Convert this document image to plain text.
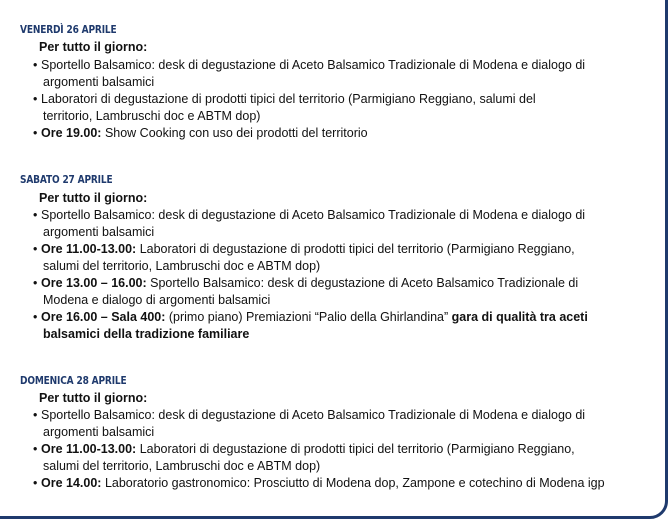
VENERDÌ 26 APRILE
Per tutto il giorno:
• Sportello Balsamico: desk di degustazione di Aceto Balsamico Tradizionale di Modena e dialogo di
argomenti balsamici
• Laboratori di degustazione di prodotti tipici del territorio (Parmigiano Reggiano, salumi del
territorio, Lambruschi doc e ABTM dop)
• Ore 19.00: Show Cooking con uso dei prodotti del territorio
SABATO 27 APRILE
Per tutto il giorno:
• Sportello Balsamico: desk di degustazione di Aceto Balsamico Tradizionale di Modena e dialogo di
argomenti balsamici
• Ore 11.00-13.00: Laboratori di degustazione di prodotti tipici del territorio (Parmigiano Reggiano,
salumi del territorio, Lambruschi doc e ABTM dop)
• Ore 13.00 – 16.00: Sportello Balsamico: desk di degustazione di Aceto Balsamico Tradizionale di
Modena e dialogo di argomenti balsamici
• Ore 16.00 – Sala 400: (primo piano) Premiazioni “Palio della Ghirlandina” gara di qualità tra aceti
balsamici della tradizione familiare
DOMENICA 28 APRILE
Per tutto il giorno:
• Sportello Balsamico: desk di degustazione di Aceto Balsamico Tradizionale di Modena e dialogo di
argomenti balsamici
• Ore 11.00-13.00: Laboratori di degustazione di prodotti tipici del territorio (Parmigiano Reggiano,
salumi del territorio, Lambruschi doc e ABTM dop)
• Ore 14.00: Laboratorio gastronomico: Prosciutto di Modena dop, Zampone e cotechino di Modena igp
